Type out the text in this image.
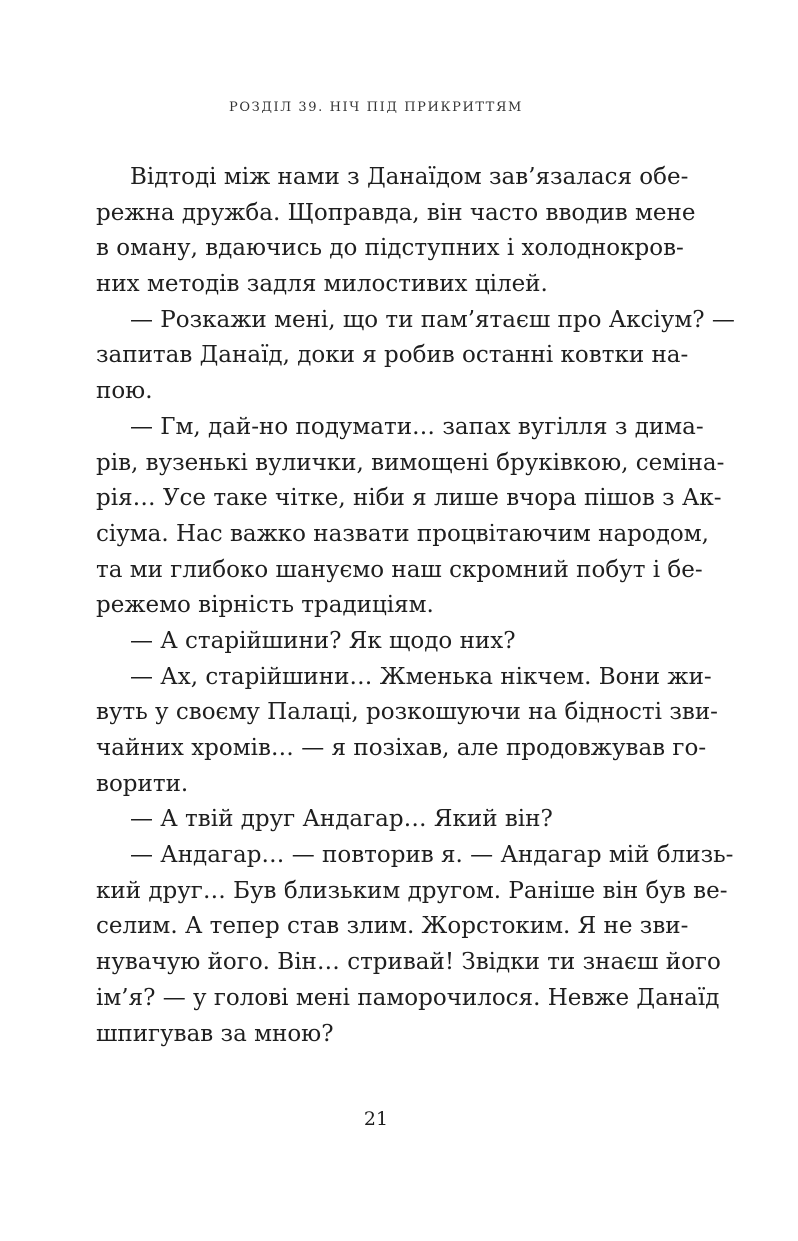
РОЗДІЛ 39. НІЧ ПІД ПРИКРИТТЯМ
Відтоді між нами з Данаїдом зав’язалася обе-
режна дружба. Щоправда, він часто вводив мене
в оману, вдаючись до підступних і холоднокров-
них методів задля милостивих цілей.
— Розкажи мені, що ти пам’ятаєш про Аксіум? —
запитав Данаїд, доки я робив останні ковтки на-
пою.
— Гм, дай-но подумати… запах вугілля з дима-
рів, вузенькі вулички, вимощені бруківкою, семіна-
рія… Усе таке чітке, ніби я лише вчора пішов з Ак-
сіума. Нас важко назвати процвітаючим народом,
та ми глибоко шануємо наш скромний побут і бе-
режемо вірність традиціям.
— А старійшини? Як щодо них?
— Ах, старійшини… Жменька нікчем. Вони жи-
вуть у своєму Палаці, розкошуючи на бідності зви-
чайних хромів… — я позіхав, але продовжував го-
ворити.
— А твій друг Андагар… Який він?
— Андагар… — повторив я. — Андагар мій близь-
кий друг… Був близьким другом. Раніше він був ве-
селим. А тепер став злим. Жорстоким. Я не зви-
нувачую його. Він… стривай! Звідки ти знаєш його
ім’я? — у голові мені паморочилося. Невже Данаїд
шпигував за мною?
21
